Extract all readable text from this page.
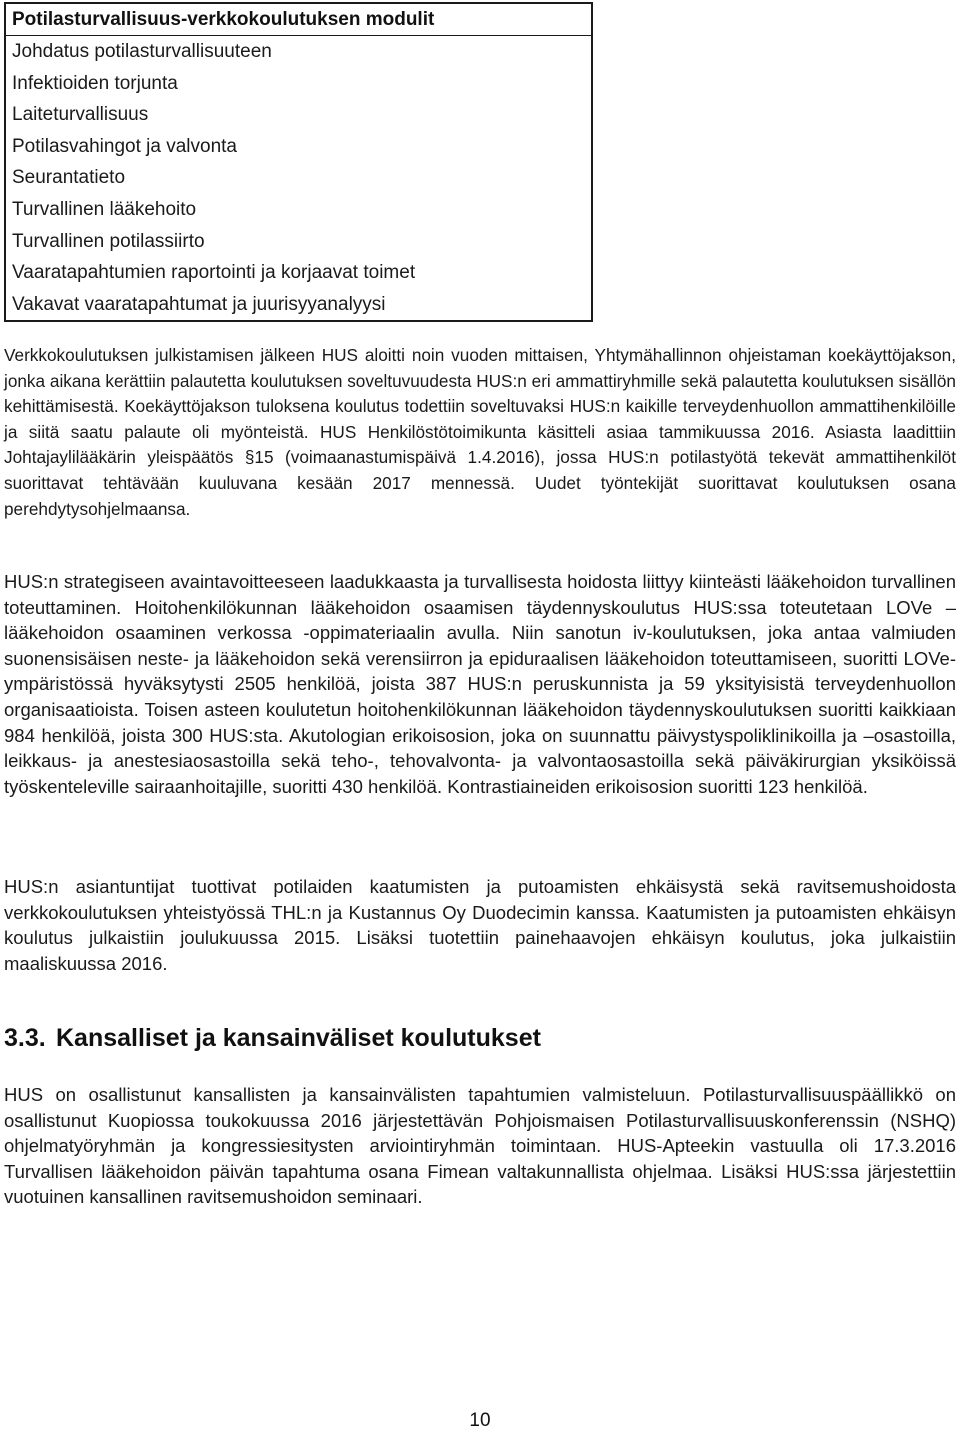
Potilasturvallisuus-verkkokoulutuksen modulit
Johdatus potilasturvallisuuteen
Infektioiden torjunta
Laiteturvallisuus
Potilasvahingot ja valvonta
Seurantatieto
Turvallinen lääkehoito
Turvallinen potilassiirto
Vaaratapahtumien raportointi ja korjaavat toimet
Vakavat vaaratapahtumat ja juurisyyanalyysi

Verkkokoulutuksen julkistamisen jälkeen HUS aloitti noin vuoden mittaisen, Yhtymähallinnon ohjeistaman koekäyttöjakson, jonka aikana kerättiin palautetta koulutuksen soveltuvuudesta HUS:n eri ammattiryhmille sekä palautetta koulutuksen sisällön kehittämisestä. Koekäyttöjakson tuloksena koulutus todettiin soveltuvaksi HUS:n kaikille terveydenhuollon ammattihenkilöille ja siitä saatu palaute oli myönteistä. HUS Henkilöstötoimikunta käsitteli asiaa tammikuussa 2016. Asiasta laadittiin Johtajaylilääkärin yleispäätös §15 (voimaanastumispäivä 1.4.2016), jossa HUS:n potilastyötä tekevät ammattihenkilöt suorittavat tehtävään kuuluvana kesään 2017 mennessä. Uudet työntekijät suorittavat koulutuksen osana perehdytysohjelmaansa.

HUS:n strategiseen avaintavoitteeseen laadukkaasta ja turvallisesta hoidosta liittyy kiinteästi lääkehoidon turvallinen toteuttaminen. Hoitohenkilökunnan lääkehoidon osaamisen täydennyskoulutus HUS:ssa toteutetaan LOVe –lääkehoidon osaaminen verkossa -oppimateriaalin avulla. Niin sanotun iv-koulutuksen, joka antaa valmiuden suonensisäisen neste- ja lääkehoidon sekä verensiirron ja epiduraalisen lääkehoidon toteuttamiseen, suoritti LOVe-ympäristössä hyväksytysti 2505 henkilöä, joista 387 HUS:n peruskunnista ja 59 yksityisistä terveydenhuollon organisaatioista. Toisen asteen koulutetun hoitohenkilökunnan lääkehoidon täydennyskoulutuksen suoritti kaikkiaan 984 henkilöä, joista 300 HUS:sta. Akutologian erikoisosion, joka on suunnattu päivystyspoliklinikoilla ja –osastoilla, leikkaus- ja anestesiaosastoilla sekä teho-, tehovalvonta- ja valvontaosastoilla sekä päiväkirurgian yksiköissä työskenteleville sairaanhoitajille, suoritti 430 henkilöä. Kontrastiaineiden erikoisosion suoritti 123 henkilöä.

HUS:n asiantuntijat tuottivat potilaiden kaatumisten ja putoamisten ehkäisystä sekä ravitsemushoidosta verkkokoulutuksen yhteistyössä THL:n ja Kustannus Oy Duodecimin kanssa. Kaatumisten ja putoamisten ehkäisyn koulutus julkaistiin joulukuussa 2015. Lisäksi tuotettiin painehaavojen ehkäisyn koulutus, joka julkaistiin maaliskuussa 2016.

3.3. Kansalliset ja kansainväliset koulutukset

HUS on osallistunut kansallisten ja kansainvälisten tapahtumien valmisteluun. Potilasturvallisuuspäällikkö on osallistunut Kuopiossa toukokuussa 2016 järjestettävän Pohjoismaisen Potilasturvallisuuskonferenssin (NSHQ) ohjelmatyöryhmän ja kongressiesitysten arviointiryhmän toimintaan. HUS-Apteekin vastuulla oli 17.3.2016 Turvallisen lääkehoidon päivän tapahtuma osana Fimean valtakunnallista ohjelmaa. Lisäksi HUS:ssa järjestettiin vuotuinen kansallinen ravitsemushoidon seminaari.

10
